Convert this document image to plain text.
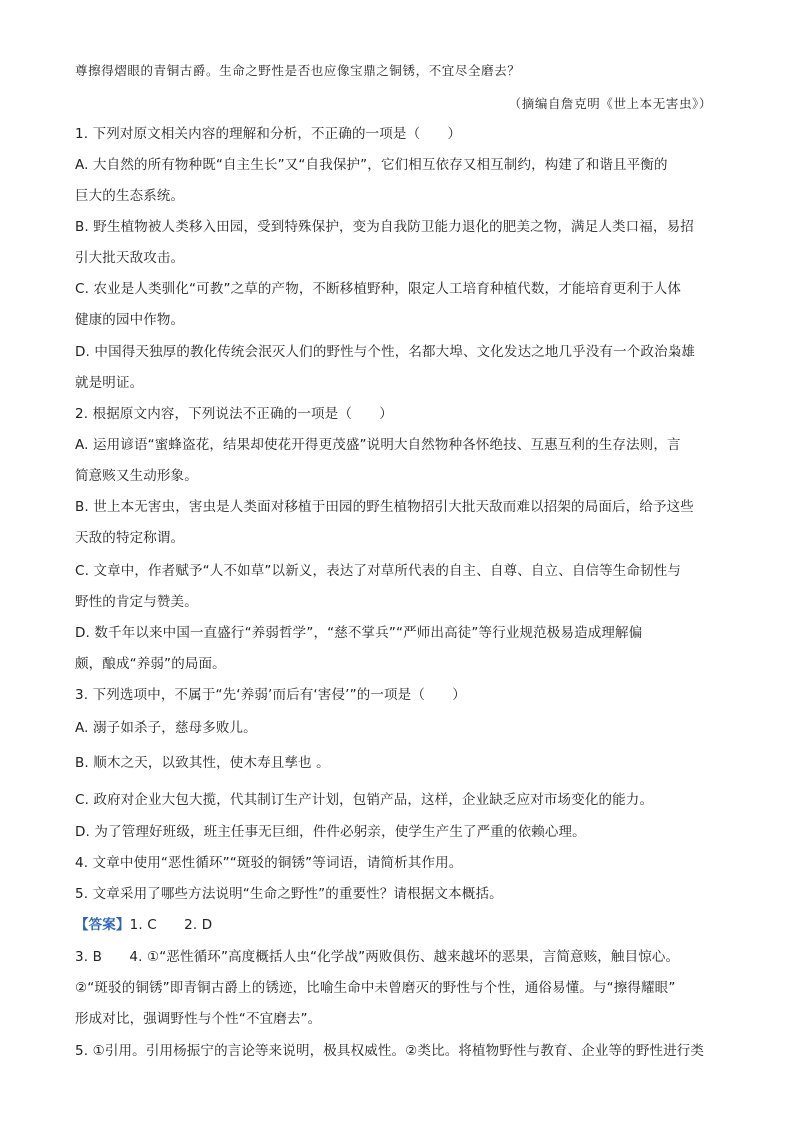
尊擦得熠眼的青铜古爵。生命之野性是否也应像宝鼎之铜锈，不宜尽全磨去？
（摘编自詹克明《世上本无害虫》）
1. 下列对原文相关内容的理解和分析，不正确的一项是（　　）
A. 大自然的所有物种既“自主生长”又“自我保护”，它们相互依存又相互制约，构建了和谐且平衡的
巨大的生态系统。
B. 野生植物被人类移入田园，受到特殊保护，变为自我防卫能力退化的肥美之物，满足人类口福，易招
引大批天敌攻击。
C. 农业是人类驯化“可教”之草的产物，不断移植野种，限定人工培育种植代数，才能培育更利于人体
健康的园中作物。
D. 中国得天独厚的教化传统会泯灭人们的野性与个性，名都大埠、文化发达之地几乎没有一个政治枭雄
就是明证。
2. 根据原文内容，下列说法不正确的一项是（　　）
A. 运用谚语“蜜蜂盗花，结果却使花开得更茂盛”说明大自然物种各怀绝技、互惠互利的生存法则，言
简意赅又生动形象。
B. 世上本无害虫，害虫是人类面对移植于田园的野生植物招引大批天敌而难以招架的局面后，给予这些
天敌的特定称谓。
C. 文章中，作者赋予“人不如草”以新义，表达了对草所代表的自主、自尊、自立、自信等生命韧性与
野性的肯定与赞美。
D. 数千年以来中国一直盛行“养弱哲学”，“慈不掌兵”“严师出高徒”等行业规范极易造成理解偏
颇，酿成“养弱”的局面。
3. 下列选项中，不属于“先‘养弱’而后有‘害侵’”的一项是（　　）
A. 溺子如杀子，慈母多败儿。
B. 顺木之天，以致其性，使木寿且孳也 。
C. 政府对企业大包大揽，代其制订生产计划，包销产品，这样，企业缺乏应对市场变化的能力。
D. 为了管理好班级，班主任事无巨细，件件必躬亲，使学生产生了严重的依赖心理。
4. 文章中使用“恶性循环”“斑驳的铜锈”等词语，请简析其作用。
5. 文章采用了哪些方法说明“生命之野性”的重要性？请根据文本概括。
【答案】1. C　　2. D
3. B　　4. ①“恶性循环”高度概括人虫“化学战”两败俱伤、越来越坏的恶果，言简意赅，触目惊心。
②“斑驳的铜锈”即青铜古爵上的锈迹，比喻生命中未曾磨灭的野性与个性，通俗易懂。与“擦得耀眼”
形成对比，强调野性与个性“不宜磨去”。
5. ①引用。引用杨振宁的言论等来说明，极具权威性。②类比。将植物野性与教育、企业等的野性进行类
